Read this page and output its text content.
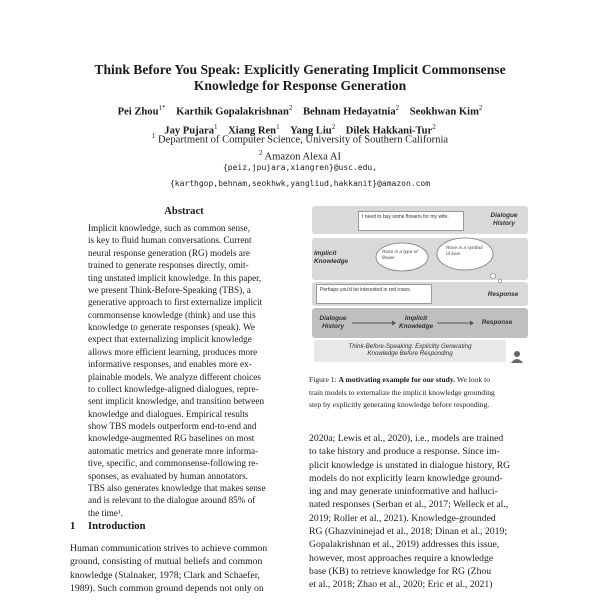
Think Before You Speak: Explicitly Generating Implicit Commonsense
Knowledge for Response Generation
Pei Zhou$^{1*}$ Karthik Gopalakrishnan$^2$ Behnam Hedayatnia$^2$ Seokhwan Kim$^2$
Jay Pujara$^1$ Xiang Ren$^1$ Yang Liu$^2$ Dilek Hakkani-Tur$^2$
$^1$ Department of Computer Science, University of Southern California
$^2$ Amazon Alexa AI
{peiz,jpujara,xiangren}@usc.edu,
{karthgop,behnam,seokhwk,yangliud,hakkanit}@amazon.com
Abstract
Implicit knowledge, such as common sense,
is key to fluid human conversations. Current
neural response generation (RG) models are
trained to generate responses directly, omit-
ting unstated implicit knowledge. In this paper,
we present Think-Before-Speaking (TBS), a
generative approach to first externalize implicit
commonsense knowledge (think) and use this
knowledge to generate responses (speak). We
expect that externalizing implicit knowledge
allows more efficient learning, produces more
informative responses, and enables more ex-
plainable models. We analyze different choices
to collect knowledge-aligned dialogues, repre-
sent implicit knowledge, and transition between
knowledge and dialogues. Empirical results
show TBS models outperform end-to-end and
knowledge-augmented RG baselines on most
automatic metrics and generate more informa-
tive, specific, and commonsense-following re-
sponses, as evaluated by human annotators.
TBS also generates knowledge that makes sense
and is relevant to the dialogue around 85% of
the time¹.
1 Introduction
Human communication strives to achieve common
ground, consisting of mutual beliefs and common
knowledge (Stalnaker, 1978; Clark and Schaefer,
1989). Such common ground depends not only on
I need to buy some flowers for my wife.	Dialogue History
Implicit Knowledge
Rose is a type of flower
Rose is a symbol of love
Perhaps you'd be interested in red roses.
Response
Dialogue History
Implicit Knowledge	Response
Think-Before-Speaking: Explicitly Generating
Knowledge Before Responding
Figure 1: A motivating example for our study. We look to
train models to externalize the implicit knowledge grounding
step by explicitly generating knowledge before responding.
2020a; Lewis et al., 2020), i.e., models are trained
to take history and produce a response. Since im-
plicit knowledge is unstated in dialogue history, RG
models do not explicitly learn knowledge ground-
ing and may generate uninformative and halluci-
nated responses (Serban et al., 2017; Welleck et al.,
2019; Roller et al., 2021). Knowledge-grounded
RG (Ghazvininejad et al., 2018; Dinan et al., 2019;
Gopalakrishnan et al., 2019) addresses this issue,
however, most approaches require a knowledge
base (KB) to retrieve knowledge for RG (Zhou
et al., 2018; Zhao et al., 2020; Eric et al., 2021)
